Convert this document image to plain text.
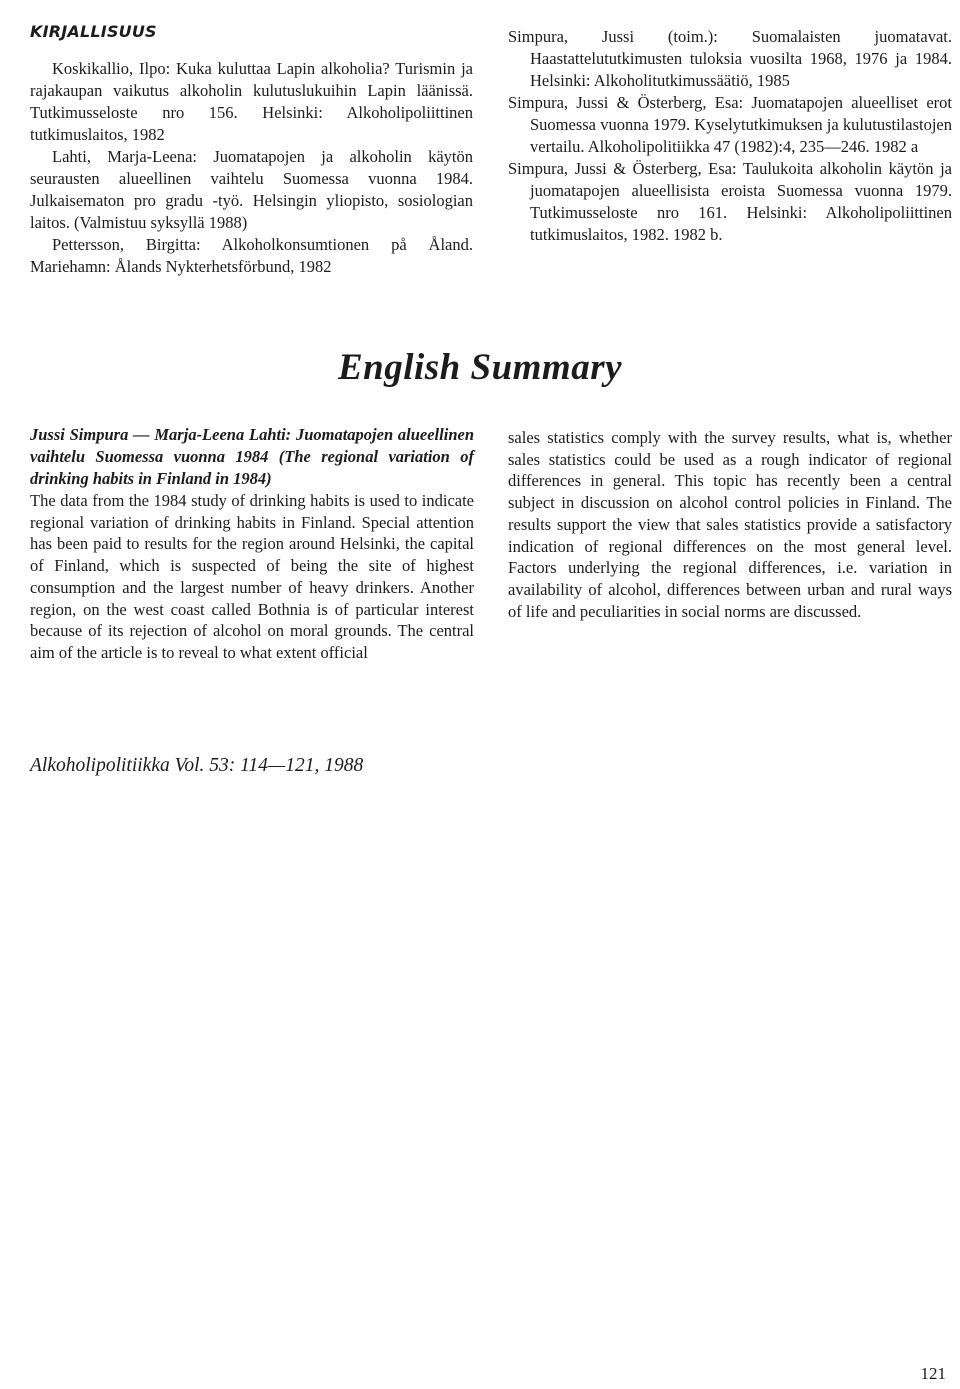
KIRJALLISUUS

Koskikallio, Ilpo: Kuka kuluttaa Lapin alkoholia? Turismin ja rajakaupan vaikutus alkoholin kulutuslukuihin Lapin läänissä. Tutkimusseloste nro 156. Helsinki: Alkoholipoliittinen tutkimuslaitos, 1982

Lahti, Marja-Leena: Juomatapojen ja alkoholin käytön seurausten alueellinen vaihtelu Suomessa vuonna 1984. Julkaisematon pro gradu -työ. Helsingin yliopisto, sosiologian laitos. (Valmistuu syksyllä 1988)

Pettersson, Birgitta: Alkoholkonsumtionen på Åland. Mariehamn: Ålands Nykterhetsförbund, 1982

Simpura, Jussi (toim.): Suomalaisten juomatavat. Haastattelututkimusten tuloksia vuosilta 1968, 1976 ja 1984. Helsinki: Alkoholitutkimussäätiö, 1985

Simpura, Jussi & Österberg, Esa: Juomatapojen alueelliset erot Suomessa vuonna 1979. Kyselytutkimuksen ja kulutustilastojen vertailu. Alkoholipolitiikka 47 (1982):4, 235—246. 1982 a

Simpura, Jussi & Österberg, Esa: Taulukoita alkoholin käytön ja juomatapojen alueellisista eroista Suomessa vuonna 1979. Tutkimusseloste nro 161. Helsinki: Alkoholipoliittinen tutkimuslaitos, 1982. 1982 b.

English Summary

Jussi Simpura — Marja-Leena Lahti: Juomatapojen alueellinen vaihtelu Suomessa vuonna 1984 (The regional variation of drinking habits in Finland in 1984)

The data from the 1984 study of drinking habits is used to indicate regional variation of drinking habits in Finland. Special attention has been paid to results for the region around Helsinki, the capital of Finland, which is suspected of being the site of highest consumption and the largest number of heavy drinkers. Another region, on the west coast called Bothnia is of particular interest because of its rejection of alcohol on moral grounds. The central aim of the article is to reveal to what extent official

sales statistics comply with the survey results, what is, whether sales statistics could be used as a rough indicator of regional differences in general. This topic has recently been a central subject in discussion on alcohol control policies in Finland. The results support the view that sales statistics provide a satisfactory indication of regional differences on the most general level. Factors underlying the regional differences, i.e. variation in availability of alcohol, differences between urban and rural ways of life and peculiarities in social norms are discussed.

Alkoholipolitiikka Vol. 53: 114—121, 1988

121
